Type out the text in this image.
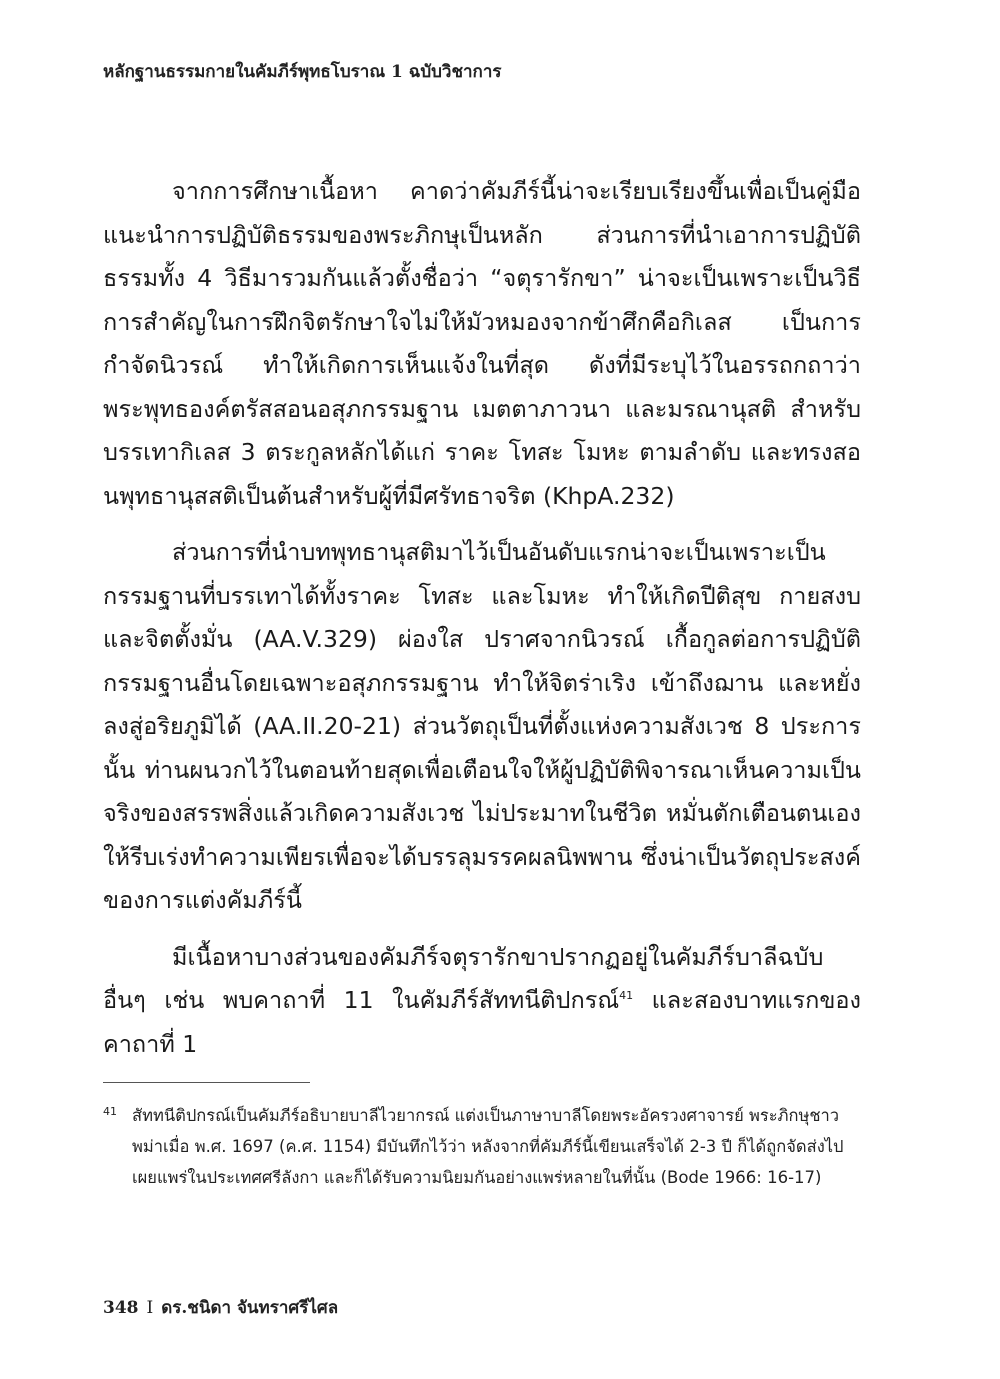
หลักฐานธรรมกายในคัมภีร์พุทธโบราณ 1 ฉบับวิชาการ

จากการศึกษาเนื้อหา คาดว่าคัมภีร์นี้น่าจะเรียบเรียงขึ้นเพื่อเป็นคู่มือแนะนำการปฏิบัติธรรมของพระภิกษุเป็นหลัก ส่วนการที่นำเอาการปฏิบัติธรรมทั้ง 4 วิธีมารวมกันแล้วตั้งชื่อว่า “จตุรารักขา” น่าจะเป็นเพราะเป็นวิธีการสำคัญในการฝึกจิตรักษาใจไม่ให้มัวหมองจากข้าศึกคือกิเลส เป็นการกำจัดนิวรณ์ ทำให้เกิดการเห็นแจ้งในที่สุด ดังที่มีระบุไว้ในอรรถกถาว่า พระพุทธองค์ตรัสสอนอสุภกรรมฐาน เมตตาภาวนา และมรณานุสติ สำหรับบรรเทากิเลส 3 ตระกูลหลักได้แก่ ราคะ โทสะ โมหะ ตามลำดับ และทรงสอนพุทธานุสสติเป็นต้นสำหรับผู้ที่มีศรัทธาจริต (KhpA.232)

ส่วนการที่นำบทพุทธานุสติมาไว้เป็นอันดับแรกน่าจะเป็นเพราะเป็นกรรมฐานที่บรรเทาได้ทั้งราคะ โทสะ และโมหะ ทำให้เกิดปีติสุข กายสงบ และจิตตั้งมั่น (AA.V.329) ผ่องใส ปราศจากนิวรณ์ เกื้อกูลต่อการปฏิบัติกรรมฐานอื่นโดยเฉพาะอสุภกรรมฐาน ทำให้จิตร่าเริง เข้าถึงฌาน และหยั่งลงสู่อริยภูมิได้ (AA.II.20-21) ส่วนวัตถุเป็นที่ตั้งแห่งความสังเวช 8 ประการนั้น ท่านผนวกไว้ในตอนท้ายสุดเพื่อเตือนใจให้ผู้ปฏิบัติพิจารณาเห็นความเป็นจริงของสรรพสิ่งแล้วเกิดความสังเวช ไม่ประมาทในชีวิต หมั่นตักเตือนตนเองให้รีบเร่งทำความเพียรเพื่อจะได้บรรลุมรรคผลนิพพาน ซึ่งน่าเป็นวัตถุประสงค์ของการแต่งคัมภีร์นี้

มีเนื้อหาบางส่วนของคัมภีร์จตุรารักขาปรากฏอยู่ในคัมภีร์บาลีฉบับอื่นๆ เช่น พบคาถาที่ 11 ในคัมภีร์สัททนีติปกรณ์$^{41}$ และสองบาทแรกของคาถาที่ 1

41 สัททนีติปกรณ์เป็นคัมภีร์อธิบายบาลีไวยากรณ์ แต่งเป็นภาษาบาลีโดยพระอัครวงศาจารย์ พระภิกษุชาวพม่าเมื่อ พ.ศ. 1697 (ค.ศ. 1154) มีบันทึกไว้ว่า หลังจากที่คัมภีร์นี้เขียนเสร็จได้ 2-3 ปี ก็ได้ถูกจัดส่งไปเผยแพร่ในประเทศศรีลังกา และก็ได้รับความนิยมกันอย่างแพร่หลายในที่นั้น (Bode 1966: 16-17)
348 I ดร.ชนิดา จันทราศรีไศล
